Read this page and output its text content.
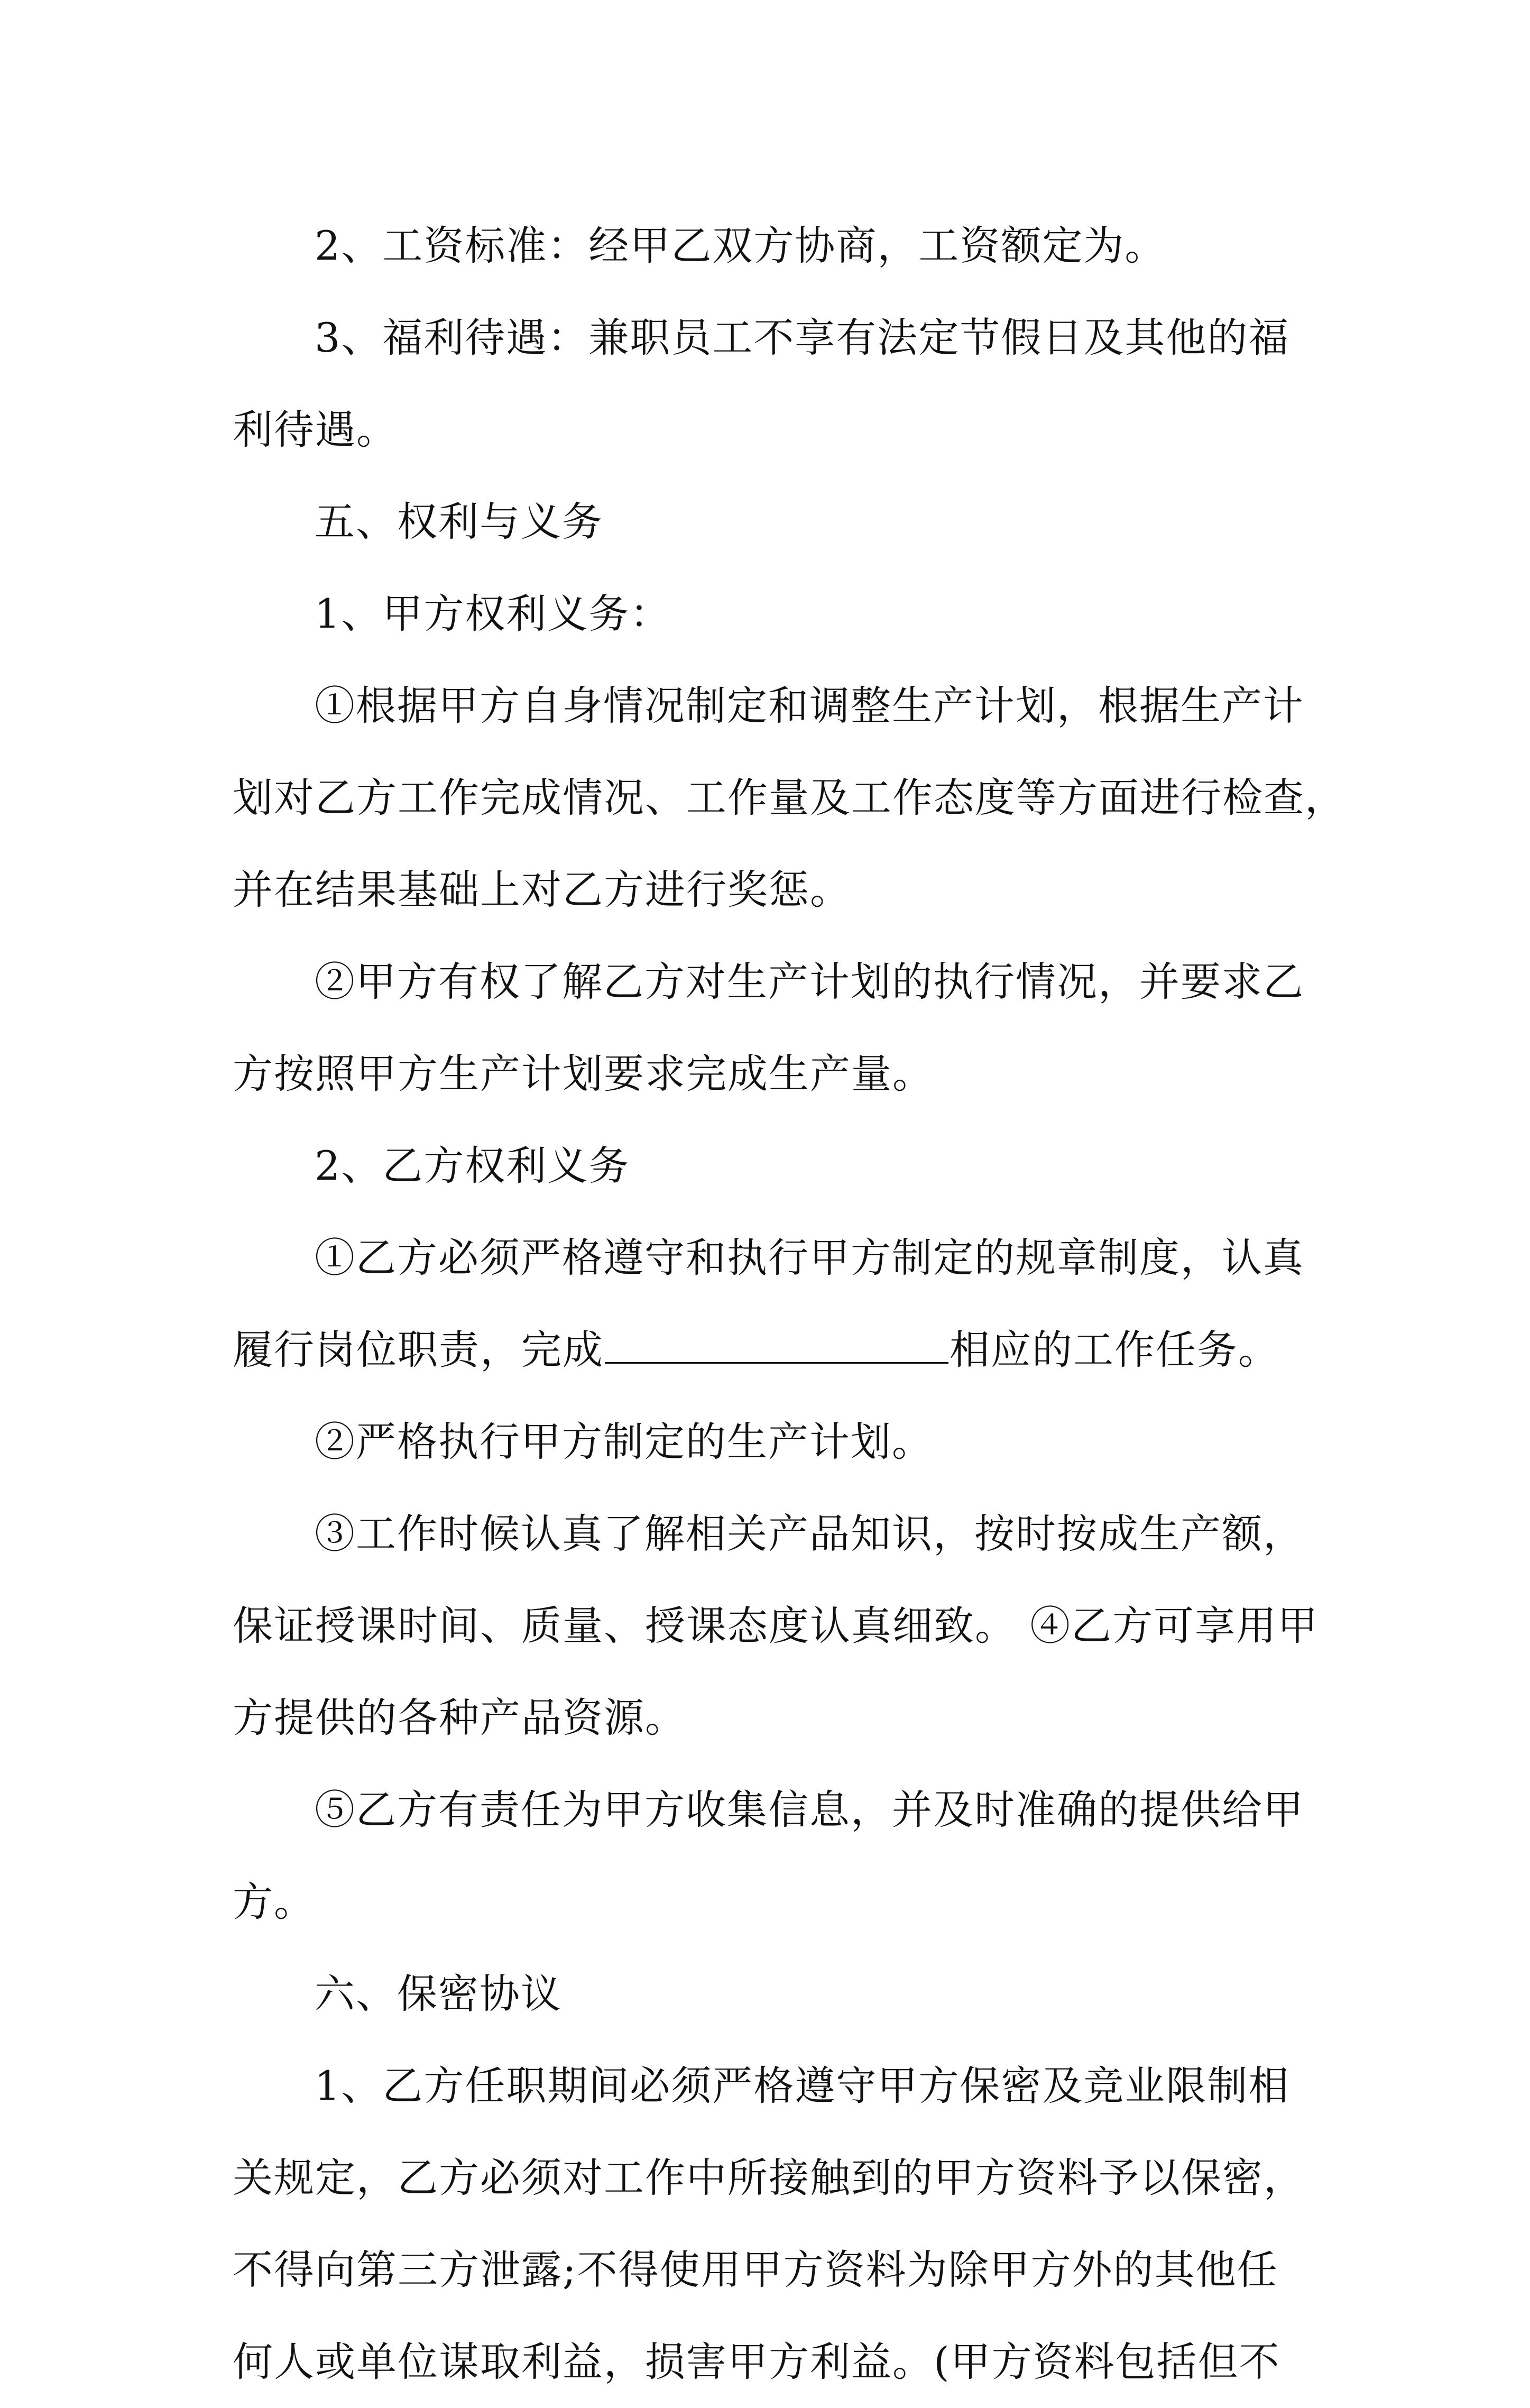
2、工资标准：经甲乙双方协商，工资额定为。
3、福利待遇：兼职员工不享有法定节假日及其他的福
利待遇。
五、权利与义务
1、甲方权利义务：
①根据甲方自身情况制定和调整生产计划，根据生产计
划对乙方工作完成情况、工作量及工作态度等方面进行检查，
并在结果基础上对乙方进行奖惩。
②甲方有权了解乙方对生产计划的执行情况，并要求乙
方按照甲方生产计划要求完成生产量。
2、乙方权利义务
①乙方必须严格遵守和执行甲方制定的规章制度，认真
履行岗位职责，完成	相应的工作任务。
②严格执行甲方制定的生产计划。
③工作时候认真了解相关产品知识，按时按成生产额，
保证授课时间、质量、授课态度认真细致。 ④乙方可享用甲
方提供的各种产品资源。
⑤乙方有责任为甲方收集信息，并及时准确的提供给甲
方。
六、保密协议
1、乙方任职期间必须严格遵守甲方保密及竞业限制相
关规定，乙方必须对工作中所接触到的甲方资料予以保密，
不得向第三方泄露;不得使用甲方资料为除甲方外的其他任
何人或单位谋取利益，损害甲方利益。(甲方资料包括但不
